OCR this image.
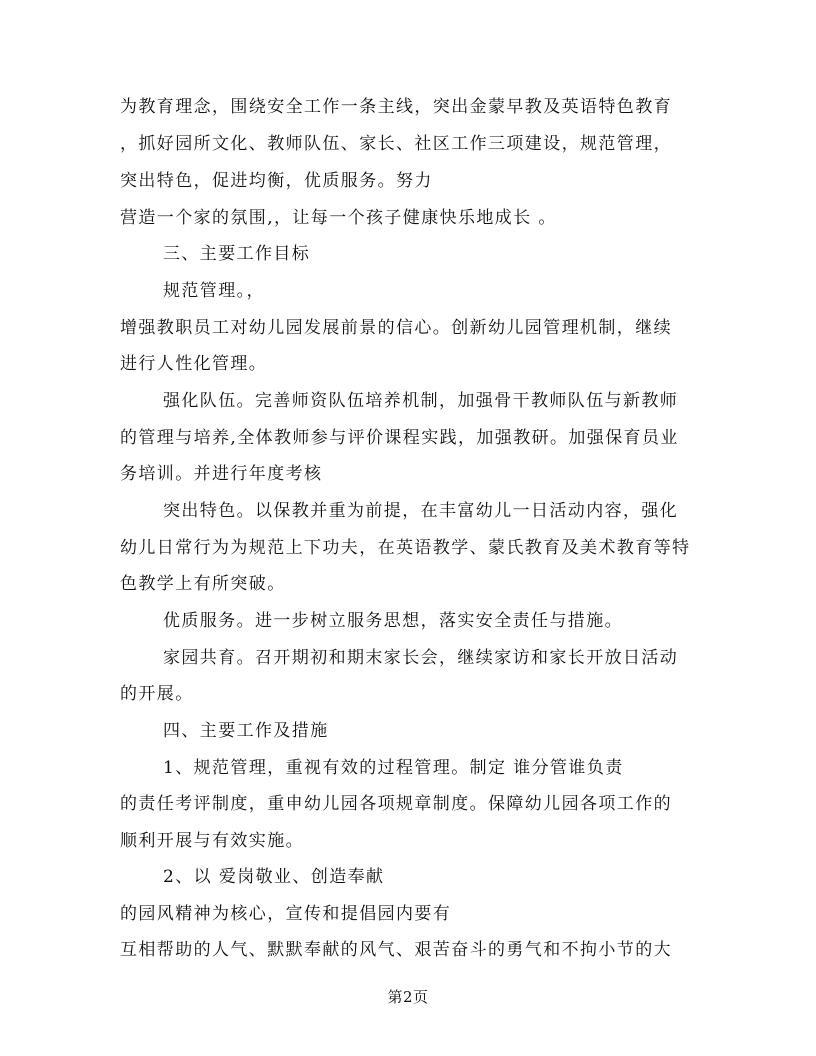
为教育理念，围绕安全工作一条主线，突出金蒙早教及英语特色教育
，抓好园所文化、教师队伍、家长、社区工作三项建设，规范管理，
突出特色，促进均衡，优质服务。努力
营造一个家的氛围,，让每一个孩子健康快乐地成长 。
三、主要工作目标
规范管理。，
增强教职员工对幼儿园发展前景的信心。创新幼儿园管理机制，继续
进行人性化管理。
强化队伍。完善师资队伍培养机制，加强骨干教师队伍与新教师
的管理与培养,全体教师参与评价课程实践，加强教研。加强保育员业
务培训。并进行年度考核
突出特色。以保教并重为前提，在丰富幼儿一日活动内容，强化
幼儿日常行为为规范上下功夫，在英语教学、蒙氏教育及美术教育等特
色教学上有所突破。
优质服务。进一步树立服务思想，落实安全责任与措施。
家园共育。召开期初和期末家长会，继续家访和家长开放日活动
的开展。
四、主要工作及措施
1、规范管理，重视有效的过程管理。制定 谁分管谁负责
的责任考评制度，重申幼儿园各项规章制度。保障幼儿园各项工作的
顺利开展与有效实施。
2、以 爱岗敬业、创造奉献
的园风精神为核心，宣传和提倡园内要有
互相帮助的人气、默默奉献的风气、艰苦奋斗的勇气和不拘小节的大
第2页
